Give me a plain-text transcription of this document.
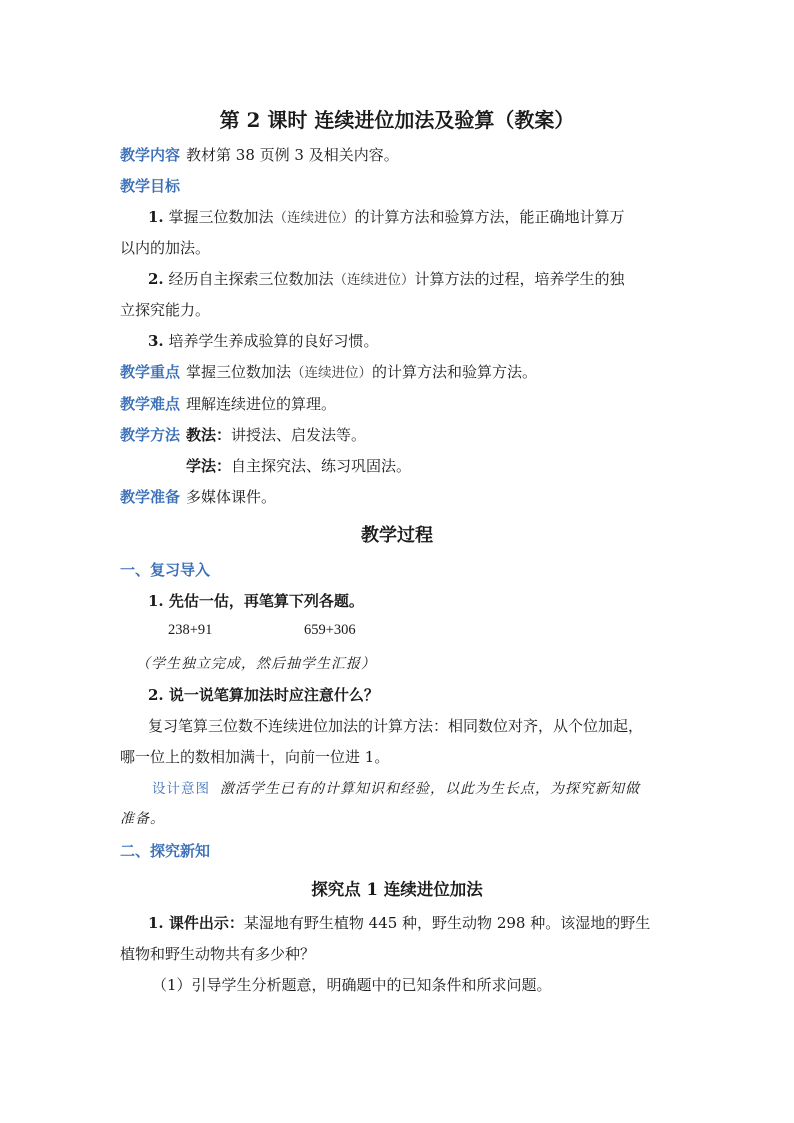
第 2 课时 连续进位加法及验算（教案）
教学内容 教材第 38 页例 3 及相关内容。
教学目标
1. 掌握三位数加法（连续进位）的计算方法和验算方法，能正确地计算万
以内的加法。
2. 经历自主探索三位数加法（连续进位）计算方法的过程，培养学生的独
立探究能力。
3. 培养学生养成验算的良好习惯。
教学重点 掌握三位数加法（连续进位）的计算方法和验算方法。
教学难点 理解连续进位的算理。
教学方法 教法：讲授法、启发法等。
学法：自主探究法、练习巩固法。
教学准备 多媒体课件。
教学过程
一、复习导入
1. 先估一估，再笔算下列各题。
238+91	659+306
（学生独立完成，然后抽学生汇报）
2. 说一说笔算加法时应注意什么？
复习笔算三位数不连续进位加法的计算方法：相同数位对齐，从个位加起，
哪一位上的数相加满十，向前一位进 1。
设计意图 激活学生已有的计算知识和经验，以此为生长点，为探究新知做
准备。
二、探究新知
探究点 1 连续进位加法
1. 课件出示：某湿地有野生植物 445 种，野生动物 298 种。该湿地的野生
植物和野生动物共有多少种？
（1）引导学生分析题意，明确题中的已知条件和所求问题。
